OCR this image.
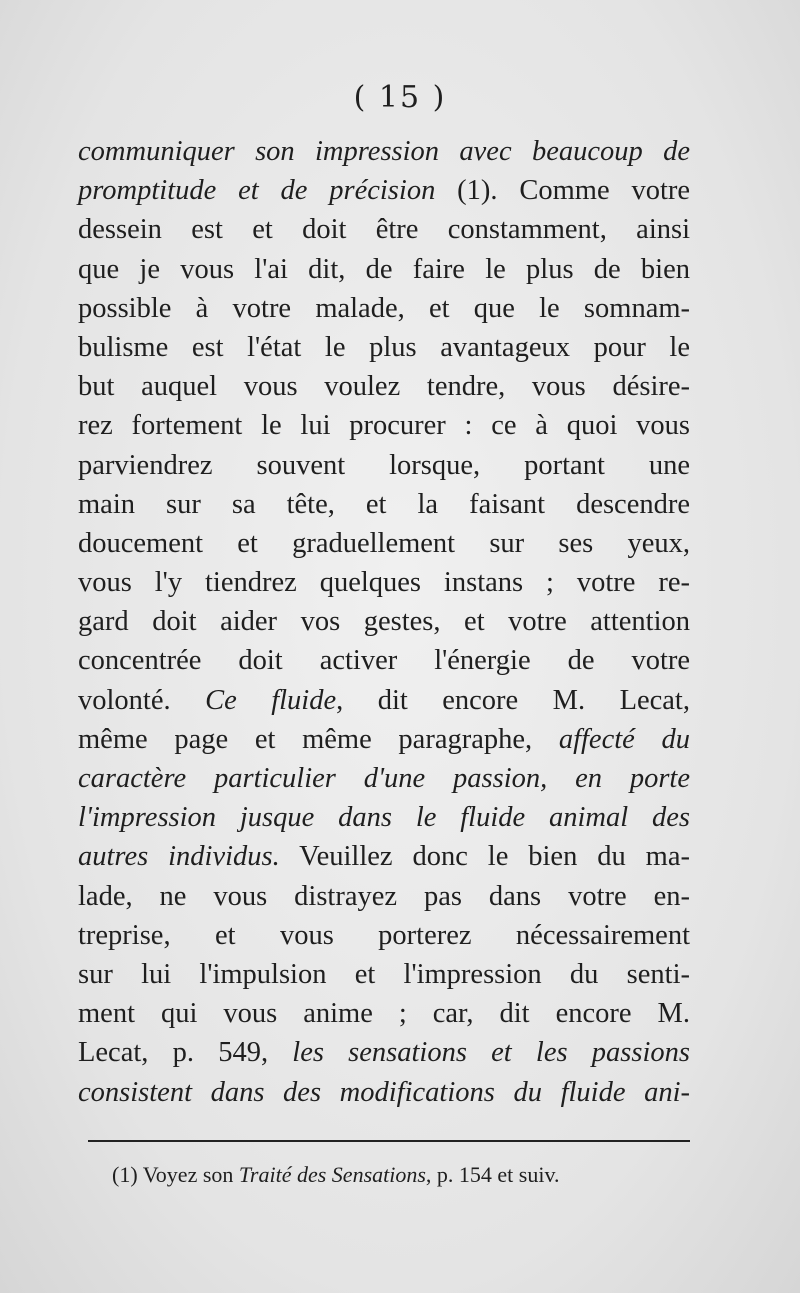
( 15 )
communiquer son impression avec beaucoup de
promptitude et de précision (1). Comme votre
dessein est et doit être constamment, ainsi
que je vous l'ai dit, de faire le plus de bien
possible à votre malade, et que le somnam-
bulisme est l'état le plus avantageux pour le
but auquel vous voulez tendre, vous désire-
rez fortement le lui procurer : ce à quoi vous
parviendrez souvent lorsque, portant une
main sur sa tête, et la faisant descendre
doucement et graduellement sur ses yeux,
vous l'y tiendrez quelques instans ; votre re-
gard doit aider vos gestes, et votre attention
concentrée doit activer l'énergie de votre
volonté. Ce fluide, dit encore M. Lecat,
même page et même paragraphe, affecté du
caractère particulier d'une passion, en porte
l'impression jusque dans le fluide animal des
autres individus. Veuillez donc le bien du ma-
lade, ne vous distrayez pas dans votre en-
treprise, et vous porterez nécessairement
sur lui l'impulsion et l'impression du senti-
ment qui vous anime ; car, dit encore M.
Lecat, p. 549, les sensations et les passions
consistent dans des modifications du fluide ani-
(1) Voyez son Traité des Sensations, p. 154 et suiv.
